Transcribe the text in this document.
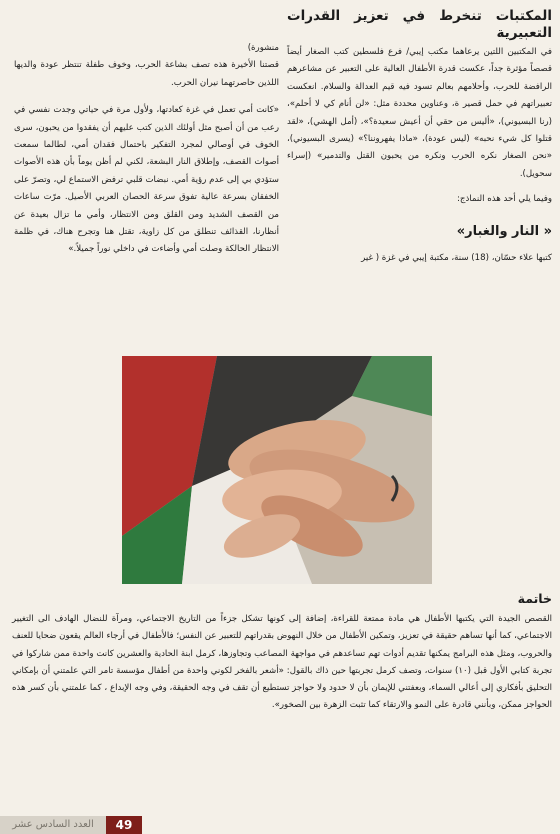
المكتبات تنخرط في تعزيز القدرات التعبيرية

في المكتبين اللتين يرعاهما مكتب إيبي/ فرع فلسطين كتب الصغار أيضاً قصصاً مؤثرة جداً، عكست قدرة الأطفال العالية على التعبير عن مشاعرهم الرافضة للحرب، وأحلامهم بعالم تسود فيه قيم العدالة والسلام. انعكست تعبيراتهم في حمل قصير ة، وعناوين محددة مثل: «لن أنام كي لا أحلم»، (رنا البسيوني)، «أليس من حقي أن أعيش سعيدة؟»، (أمل الهشي)، «لقد قتلوا كل شيء نحبه» (ليس عودة)، «ماذا يفهروننا؟» (يسرى البسيوني)، «نحن الصغار نكره الحرب ونكره من يحبون القتل والتدمير» (إسراء سحويل).

وفيما يلي أحد هذه النماذج:

« النار والغبار»

كتبها علاء حسّان، (18) سنة، مكتبة إيبي في غزة ( غير

منشورة)

قصتنا الأخيرة هذه تصف بشاعة الحرب، وخوف طفلة تنتظر عودة والديها اللذين حاصرتهما نيران الحرب.

«كانت أمي تعمل في غزة كعادتها، ولأول مرة في حياتي وجدت نفسي في رعب من أن أصبح مثل أولئك الذين كتب عليهم أن يفقدوا من يحبون، سرى الخوف في أوصالي لمجرد التفكير باحتمال فقدان أمي، لطالما سمعت أصوات القصف، وإطلاق النار البشعة، لكني لم أظن يوماً بأن هذه الأصوات ستؤدي بي إلى عدم رؤية أمي. نبضات قلبي ترفض الاستماع لي، وتصرّ على الخفقان بسرعة عالية تفوق سرعة الحصان العربي الأصيل. مرّت ساعات من القصف الشديد ومن القلق ومن الانتظار، وأمي ما تزال بعيدة عن أنظارنا، القذائف تنطلق من كل زاوية، تقتل هنا وتجرح هناك، في ظلمة الانتظار الحالكة وصلت أمي وأضاءت في داخلي نوراً جميلاً.»

خاتمة

القصص الجيدة التي يكتبها الأطفال هي مادة ممتعة للقراءة، إضافة إلى كونها تشكل جزءاً من التاريخ الاجتماعي، ومرآة للنضال الهادف الى التغيير الاجتماعي، كما أنها تساهم حقيقة في تعزيز، وتمكين الأطفال من خلال النهوض بقدراتهم للتعبير عن النفس؛ فالأطفال في أرجاء العالم يقعون ضحايا للعنف والحروب، ومثل هذه البرامج يمكنها تقديم أدوات تهم تساعدهم في مواجهة المصاعب وتجاوزها، كرمل ابنة الحادية والعشرين كانت واحدة ممن شاركوا في تجربة كتابي الأول قبل (١٠) سنوات، وتصف كرمل تجربتها حين ذاك بالقول: «أشعر بالفخر لكوني واحدة من أطفال مؤسسة تامر التي علمتني أن بإمكاني التحليق بأفكاري إلى أعالي السماء، وبعفتني للإيمان بأن لا حدود ولا حواجز تستطيع أن تقف في وجه الحقيقة، وفي وجه الإبداع ، كما علمتني بأن كسر هذه الحواجز ممكن، وبأنني قادرة على النمو والارتقاء كما تثبت الزهرة بين الصخور».

العدد السادس عشر	49
